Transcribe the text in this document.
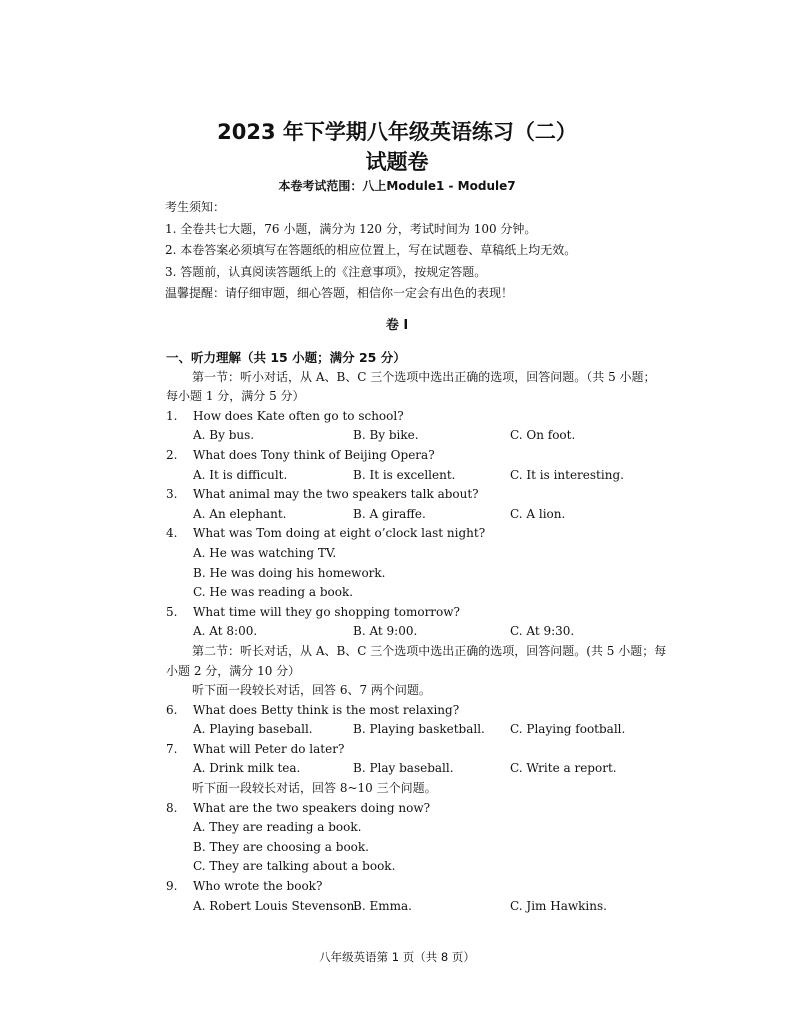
2023 年下学期八年级英语练习（二）
试题卷
本卷考试范围：八上Module1 - Module7
考生须知：
1. 全卷共七大题，76 小题，满分为 120 分，考试时间为 100 分钟。
2. 本卷答案必须填写在答题纸的相应位置上，写在试题卷、草稿纸上均无效。
3. 答题前，认真阅读答题纸上的《注意事项》，按规定答题。
温馨提醒：请仔细审题，细心答题，相信你一定会有出色的表现！
卷 I
一、听力理解（共 15 小题；满分 25 分）
第一节：听小对话，从 A、B、C 三个选项中选出正确的选项，回答问题。（共 5 小题；
每小题 1 分，满分 5 分）
1. How does Kate often go to school?
A. By bus.	B. By bike.	C. On foot.
2. What does Tony think of Beijing Opera?
A. It is difficult.	B. It is excellent.	C. It is interesting.
3. What animal may the two speakers talk about?
A. An elephant.	B. A giraffe.	C. A lion.
4. What was Tom doing at eight o’clock last night?
A. He was watching TV.
B. He was doing his homework.
C. He was reading a book.
5. What time will they go shopping tomorrow?
A. At 8:00.	B. At 9:00.	C. At 9:30.
第二节：听长对话，从 A、B、C 三个选项中选出正确的选项，回答问题。(共 5 小题；每
小题 2 分，满分 10 分）
听下面一段较长对话，回答 6、7 两个问题。
6. What does Betty think is the most relaxing?
A. Playing baseball.	B. Playing basketball. C. Playing football.
7. What will Peter do later?
A. Drink milk tea.	B. Play baseball.	C. Write a report.
听下面一段较长对话，回答 8~10 三个问题。
8. What are the two speakers doing now?
A. They are reading a book.
B. They are choosing a book.
C. They are talking about a book.
9. Who wrote the book?
A. Robert Louis Stevenson.
B. Emma.	C. Jim Hawkins.
八年级英语第 1 页（共 8 页）
